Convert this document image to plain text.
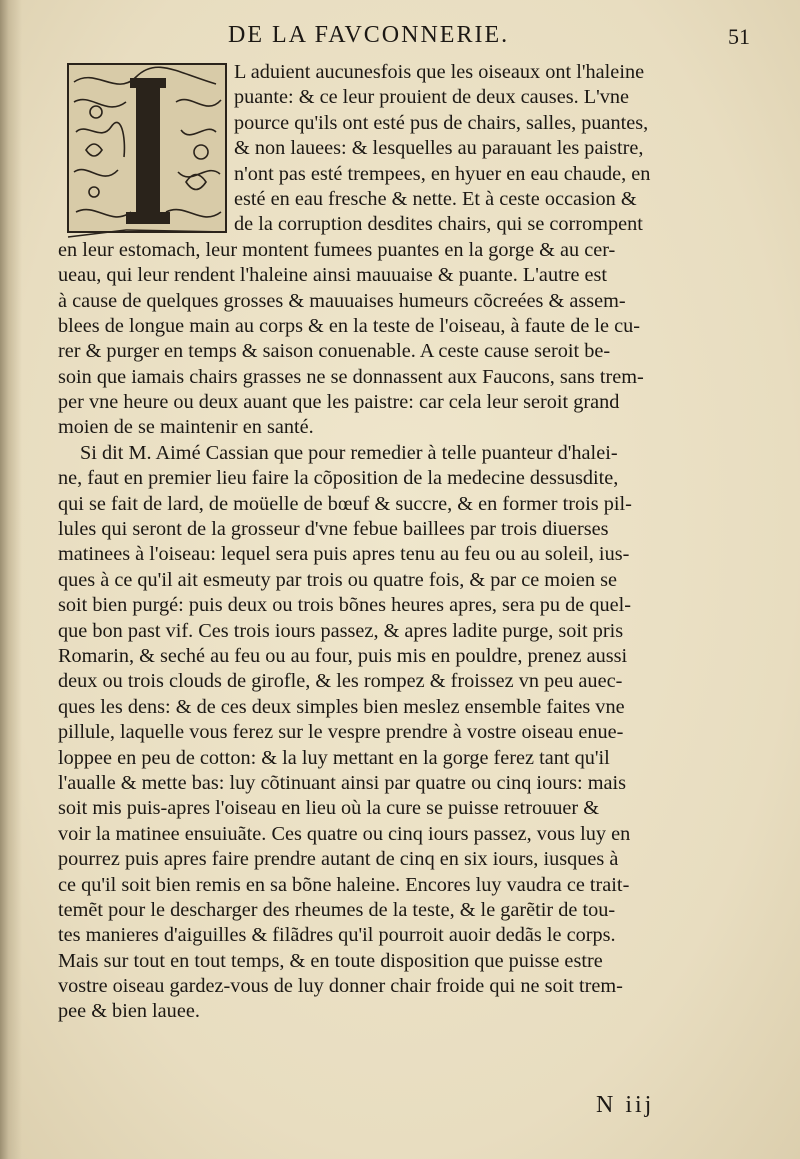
DE LA FAVCONNERIE.	51
L aduient aucunesfois que les oiseaux ont l'haleine
puante: & ce leur prouient de deux causes. L'vne
pource qu'ils ont esté pus de chairs, salles, puantes,
& non lauees: & lesquelles au parauant les paistre,
n'ont pas esté trempees, en hyuer en eau chaude, en
esté en eau fresche & nette. Et à ceste occasion &
de la corruption desdites chairs, qui se corrompent
en leur estomach, leur montent fumees puantes en la gorge & au cer-
ueau, qui leur rendent l'haleine ainsi mauuaise & puante. L'autre est
à cause de quelques grosses & mauuaises humeurs cõcreées & assem-
blees de longue main au corps & en la teste de l'oiseau, à faute de le cu-
rer & purger en temps & saison conuenable. A ceste cause seroit be-
soin que iamais chairs grasses ne se donnassent aux Faucons, sans trem-
per vne heure ou deux auant que les paistre: car cela leur seroit grand
moien de se maintenir en santé.
Si dit M. Aimé Cassian que pour remedier à telle puanteur d'halei-
ne, faut en premier lieu faire la cõposition de la medecine dessusdite,
qui se fait de lard, de moüelle de bœuf & succre, & en former trois pil-
lules qui seront de la grosseur d'vne febue baillees par trois diuerses
matinees à l'oiseau: lequel sera puis apres tenu au feu ou au soleil, ius-
ques à ce qu'il ait esmeuty par trois ou quatre fois, & par ce moien se
soit bien purgé: puis deux ou trois bõnes heures apres, sera pu de quel-
que bon past vif. Ces trois iours passez, & apres ladite purge, soit pris
Romarin, & seché au feu ou au four, puis mis en pouldre, prenez aussi
deux ou trois clouds de girofle, & les rompez & froissez vn peu auec-
ques les dens: & de ces deux simples bien meslez ensemble faites vne
pillule, laquelle vous ferez sur le vespre prendre à vostre oiseau enue-
loppee en peu de cotton: & la luy mettant en la gorge ferez tant qu'il
l'aualle & mette bas: luy cõtinuant ainsi par quatre ou cinq iours: mais
soit mis puis-apres l'oiseau en lieu où la cure se puisse retrouuer &
voir la matinee ensuiuãte. Ces quatre ou cinq iours passez, vous luy en
pourrez puis apres faire prendre autant de cinq en six iours, iusques à
ce qu'il soit bien remis en sa bõne haleine. Encores luy vaudra ce trait-
temẽt pour le descharger des rheumes de la teste, & le garẽtir de tou-
tes manieres d'aiguilles & filãdres qu'il pourroit auoir dedãs le corps.
Mais sur tout en tout temps, & en toute disposition que puisse estre
vostre oiseau gardez-vous de luy donner chair froide qui ne soit trem-
pee & bien lauee.
N iij
